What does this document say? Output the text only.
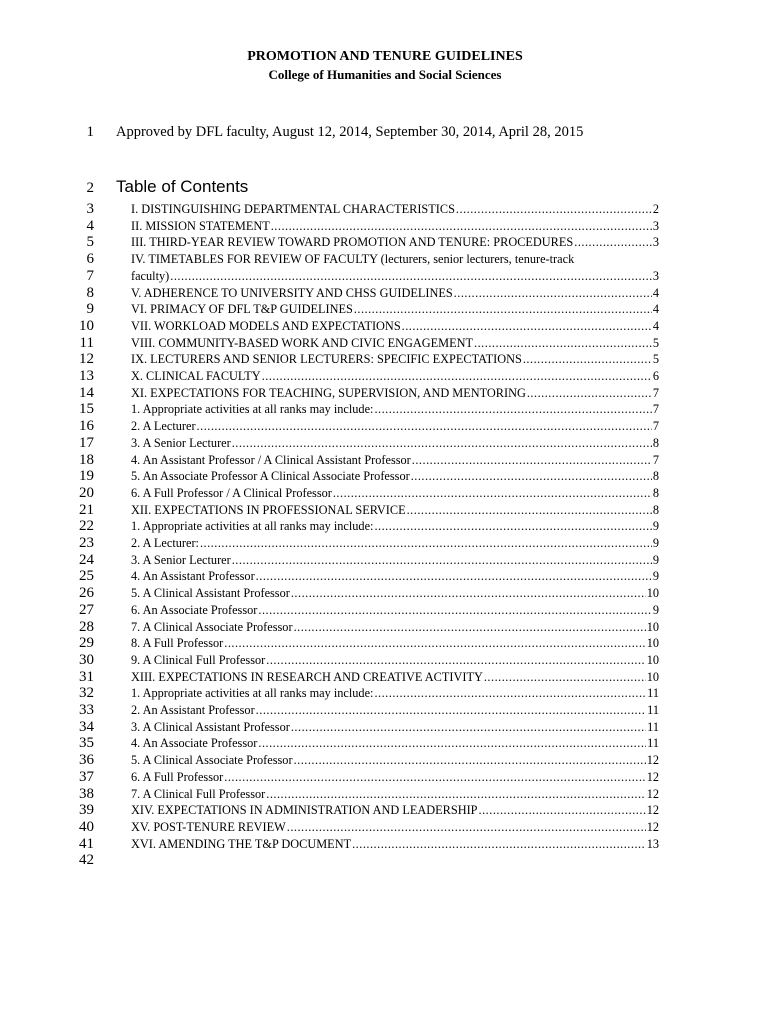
PROMOTION AND TENURE GUIDELINES
College of Humanities and Social Sciences
1
2
3
4
5
6
7
8
9
10
11
12
13
14
15
16
17
18
19
20
21
22
23
24
25
26
27
28
29
30
31
32
33
34
35
36
37
38
39
40
41
42
Approved by DFL faculty, August 12, 2014, September 30, 2014, April 28, 2015
Table of Contents
I. DISTINGUISHING DEPARTMENTAL CHARACTERISTICS .....	2
II. MISSION STATEMENT .....	3
III. THIRD-YEAR REVIEW TOWARD PROMOTION AND TENURE: PROCEDURES .....	3
IV. TIMETABLES FOR REVIEW OF FACULTY (lecturers, senior lecturers, tenure-track
faculty) .....	3
V. ADHERENCE TO UNIVERSITY AND CHSS GUIDELINES .....	4
VI. PRIMACY OF DFL T&P GUIDELINES .....	4
VII. WORKLOAD MODELS AND EXPECTATIONS .....	4
VIII. COMMUNITY-BASED WORK AND CIVIC ENGAGEMENT .....	5
IX. LECTURERS AND SENIOR LECTURERS: SPECIFIC EXPECTATIONS .....	5
X. CLINICAL FACULTY .....	6
XI. EXPECTATIONS FOR TEACHING, SUPERVISION, AND MENTORING .....	7
1. Appropriate activities at all ranks may include: .....	7
2. A Lecturer .....	7
3. A Senior Lecturer .....	8
4. An Assistant Professor / A Clinical Assistant Professor .....	7
5. An Associate Professor A Clinical Associate Professor .....	8
6. A Full Professor / A Clinical Professor .....	8
XII. EXPECTATIONS IN PROFESSIONAL SERVICE .....	8
1. Appropriate activities at all ranks may include: .....	9
2. A Lecturer: .....	9
3. A Senior Lecturer .....	9
4. An Assistant Professor .....	9
5. A Clinical Assistant Professor .....	10
6. An Associate Professor .....	9
7. A Clinical Associate Professor .....	10
8. A Full Professor .....	10
9. A Clinical Full Professor .....	10
XIII. EXPECTATIONS IN RESEARCH AND CREATIVE ACTIVITY .....	10
1. Appropriate activities at all ranks may include: .....	11
2. An Assistant Professor .....	11
3. A Clinical Assistant Professor .....	11
4. An Associate Professor .....	11
5. A Clinical Associate Professor .....	12
6. A Full Professor .....	12
7. A Clinical Full Professor .....	12
XIV. EXPECTATIONS IN ADMINISTRATION AND LEADERSHIP .....	12
XV. POST-TENURE REVIEW .....	12
XVI. AMENDING THE T&P DOCUMENT .....	13
